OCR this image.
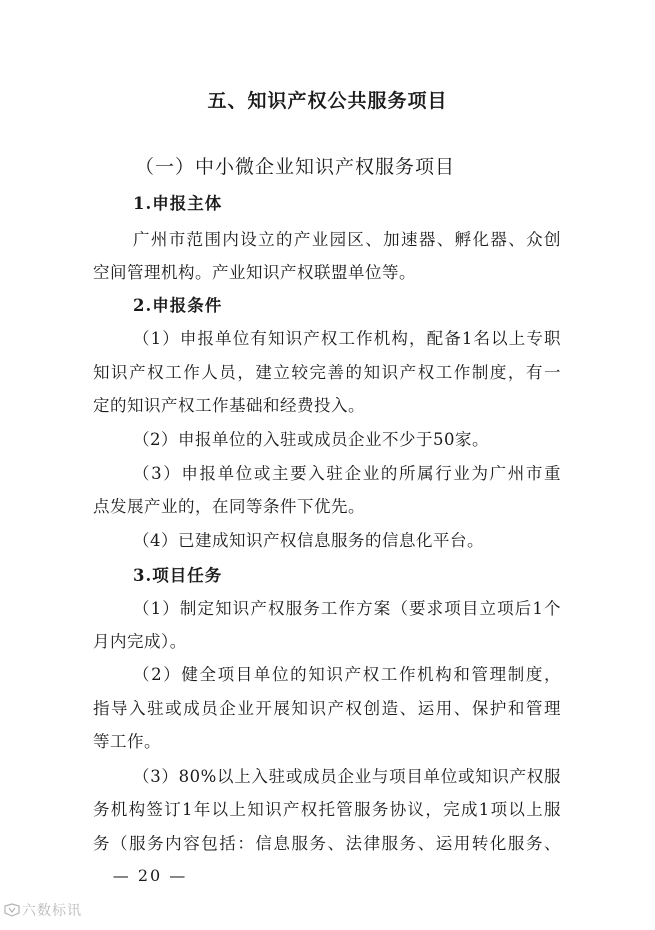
五、知识产权公共服务项目
（一）中小微企业知识产权服务项目
1.申报主体
广州市范围内设立的产业园区、加速器、孵化器、众创
空间管理机构。产业知识产权联盟单位等。
2.申报条件
（1）申报单位有知识产权工作机构，配备1名以上专职
知识产权工作人员，建立较完善的知识产权工作制度，有一
定的知识产权工作基础和经费投入。
（2）申报单位的入驻或成员企业不少于50家。
（3）申报单位或主要入驻企业的所属行业为广州市重
点发展产业的，在同等条件下优先。
（4）已建成知识产权信息服务的信息化平台。
3.项目任务
（1）制定知识产权服务工作方案（要求项目立项后1个
月内完成）。
（2）健全项目单位的知识产权工作机构和管理制度，
指导入驻或成员企业开展知识产权创造、运用、保护和管理
等工作。
（3）80%以上入驻或成员企业与项目单位或知识产权服
务机构签订1年以上知识产权托管服务协议，完成1项以上服
务（服务内容包括：信息服务、法律服务、运用转化服务、
— 20 —
六数标讯
